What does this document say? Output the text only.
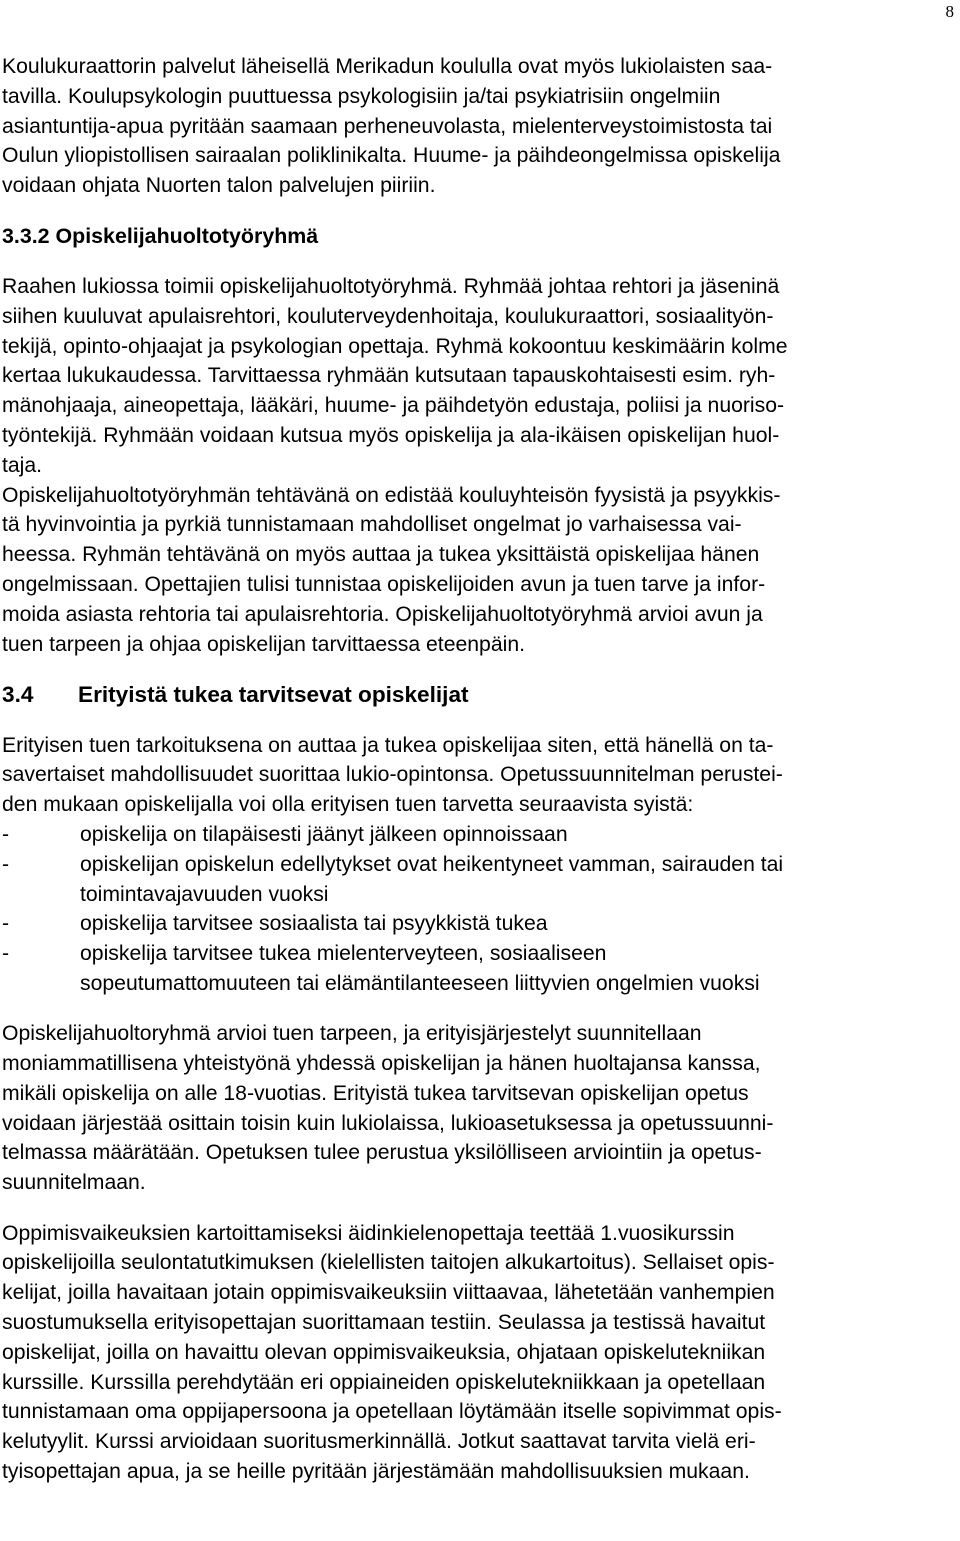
8
Koulukuraattorin palvelut läheisellä Merikadun koululla ovat myös lukiolaisten saa-
tavilla. Koulupsykologin puuttuessa psykologisiin ja/tai psykiatrisiin ongelmiin
asiantuntija-apua pyritään saamaan perheneuvolasta, mielenterveystoimistosta tai
Oulun yliopistollisen sairaalan poliklinikalta. Huume- ja päihdeongelmissa opiskelija
voidaan ohjata Nuorten talon palvelujen piiriin.
3.3.2 Opiskelijahuoltotyöryhmä
Raahen lukiossa toimii opiskelijahuoltotyöryhmä. Ryhmää johtaa rehtori ja jäseninä
siihen kuuluvat apulaisrehtori, kouluterveydenhoitaja, koulukuraattori, sosiaalityön-
tekijä, opinto-ohjaajat ja psykologian opettaja. Ryhmä kokoontuu keskimäärin kolme
kertaa lukukaudessa. Tarvittaessa ryhmään kutsutaan tapauskohtaisesti esim. ryh-
mänohjaaja, aineopettaja, lääkäri, huume- ja päihdetyön edustaja, poliisi ja nuoriso-
työntekijä. Ryhmään voidaan kutsua myös opiskelija ja ala-ikäisen opiskelijan huol-
taja.
Opiskelijahuoltotyöryhmän tehtävänä on edistää kouluyhteisön fyysistä ja psyykkis-
tä hyvinvointia ja pyrkiä tunnistamaan mahdolliset ongelmat jo varhaisessa vai-
heessa. Ryhmän tehtävänä on myös auttaa ja tukea yksittäistä opiskelijaa hänen
ongelmissaan. Opettajien tulisi tunnistaa opiskelijoiden avun ja tuen tarve ja infor-
moida asiasta rehtoria tai apulaisrehtoria. Opiskelijahuoltotyöryhmä arvioi avun ja
tuen tarpeen ja ohjaa opiskelijan tarvittaessa eteenpäin.
3.4	Erityistä tukea tarvitsevat opiskelijat
Erityisen tuen tarkoituksena on auttaa ja tukea opiskelijaa siten, että hänellä on ta-
savertaiset mahdollisuudet suorittaa lukio-opintonsa. Opetussuunnitelman perustei-
den mukaan opiskelijalla voi olla erityisen tuen tarvetta seuraavista syistä:
-	opiskelija on tilapäisesti jäänyt jälkeen opinnoissaan
-	opiskelijan opiskelun edellytykset ovat heikentyneet vamman, sairauden tai
toimintavajavuuden vuoksi
-	opiskelija tarvitsee sosiaalista tai psyykkistä tukea
-	opiskelija tarvitsee tukea mielenterveyteen, sosiaaliseen
sopeutumattomuuteen tai elämäntilanteeseen liittyvien ongelmien vuoksi
Opiskelijahuoltoryhmä arvioi tuen tarpeen, ja erityisjärjestelyt suunnitellaan
moniammatillisena yhteistyönä yhdessä opiskelijan ja hänen huoltajansa kanssa,
mikäli opiskelija on alle 18-vuotias. Erityistä tukea tarvitsevan opiskelijan opetus
voidaan järjestää osittain toisin kuin lukiolaissa, lukioasetuksessa ja opetussuunni-
telmassa määrätään. Opetuksen tulee perustua yksilölliseen arviointiin ja opetus-
suunnitelmaan.
Oppimisvaikeuksien kartoittamiseksi äidinkielenopettaja teettää 1.vuosikurssin
opiskelijoilla seulontatutkimuksen (kielellisten taitojen alkukartoitus). Sellaiset opis-
kelijat, joilla havaitaan jotain oppimisvaikeuksiin viittaavaa, lähetetään vanhempien
suostumuksella erityisopettajan suorittamaan testiin. Seulassa ja testissä havaitut
opiskelijat, joilla on havaittu olevan oppimisvaikeuksia, ohjataan opiskelutekniikan
kurssille. Kurssilla perehdytään eri oppiaineiden opiskelutekniikkaan ja opetellaan
tunnistamaan oma oppijapersoona ja opetellaan löytämään itselle sopivimmat opis-
kelutyylit. Kurssi arvioidaan suoritusmerkinnällä. Jotkut saattavat tarvita vielä eri-
tyisopettajan apua, ja se heille pyritään järjestämään mahdollisuuksien mukaan.
